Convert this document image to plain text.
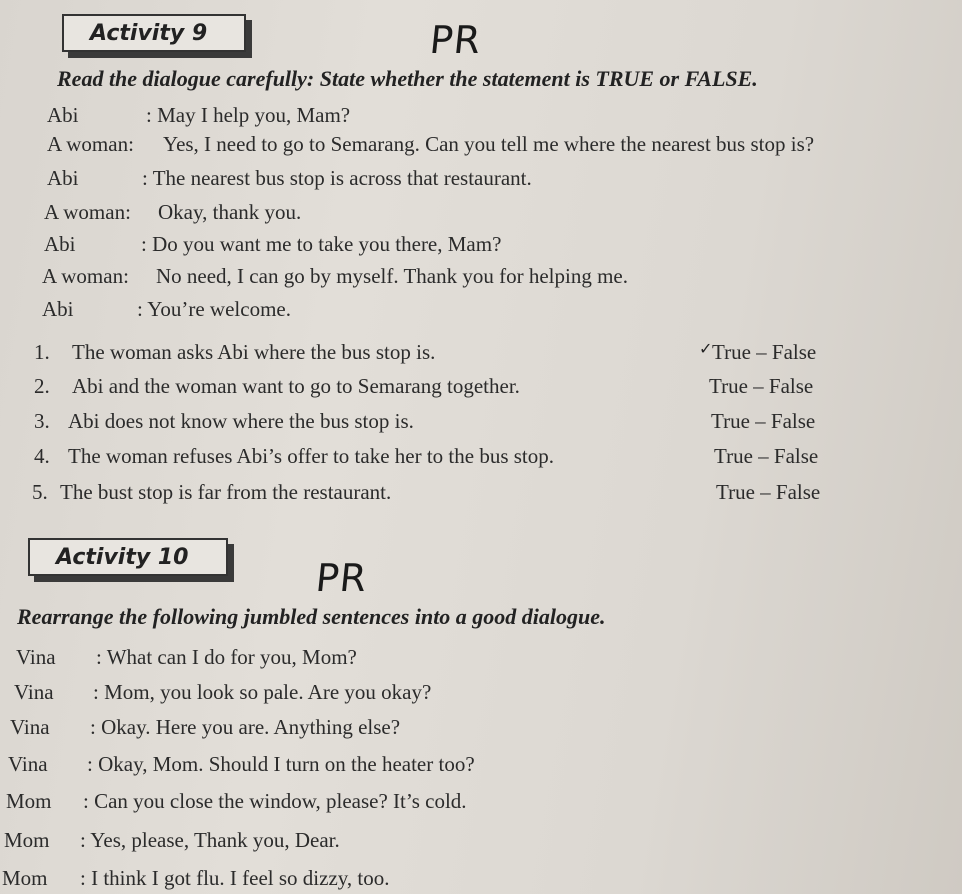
Activity 9	PR
Read the dialogue carefully: State whether the statement is TRUE or FALSE.
Abi	: May I help you, Mam?
A woman: Yes, I need to go to Semarang. Can you tell me where the nearest bus stop is?
Abi	: The nearest bus stop is across that restaurant.
A woman: Okay, thank you.
Abi	: Do you want me to take you there, Mam?
A woman: No need, I can go by myself. Thank you for helping me.
Abi	: You’re welcome.
1. The woman asks Abi where the bus stop is.	✓ True – False
2. Abi and the woman want to go to Semarang together.	True – False
3. Abi does not know where the bus stop is.	True – False
4. The woman refuses Abi’s offer to take her to the bus stop.	True – False
5. The bust stop is far from the restaurant.	True – False
Activity 10	PR
Rearrange the following jumbled sentences into a good dialogue.
Vina : What can I do for you, Mom?
Vina : Mom, you look so pale. Are you okay?
Vina : Okay. Here you are. Anything else?
Vina : Okay, Mom. Should I turn on the heater too?
Mom : Can you close the window, please? It’s cold.
Mom : Yes, please, Thank you, Dear.
Mom : I think I got flu. I feel so dizzy, too.
